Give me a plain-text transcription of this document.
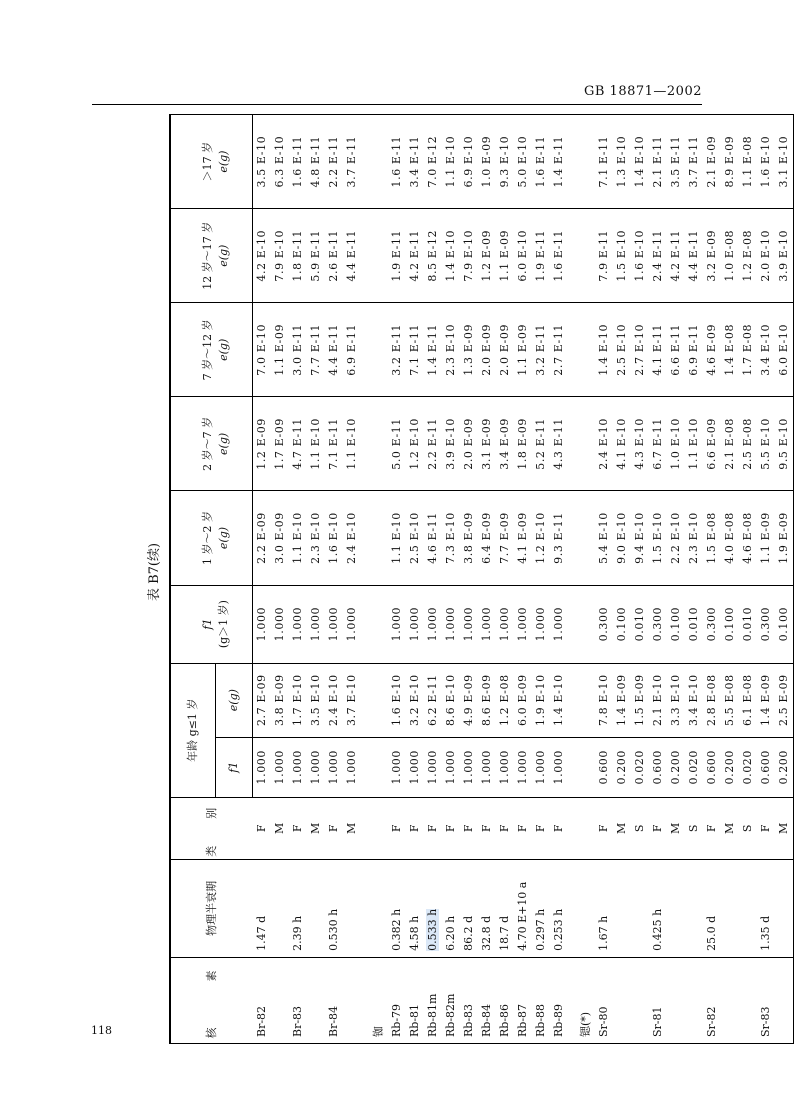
GB 18871—2002
118
表 B7(续)
核　　素	物理半衰期	类　别	年龄 g≤1 岁		f1	1 岁～2 岁	2 岁～7 岁	7 岁～12 岁	12 岁～17 岁	＞17 岁
			f1	e(g)	(g＞1 岁)	e(g)	e(g)	e(g)	e(g)	e(g)
Br-82	1.47 d	F	1.000	2.7 E-09	1.000	2.2 E-09	1.2 E-09	7.0 E-10	4.2 E-10	3.5 E-10
		M	1.000	3.8 E-09	1.000	3.0 E-09	1.7 E-09	1.1 E-09	7.9 E-10	6.3 E-10
Br-83	2.39 h	F	1.000	1.7 E-10	1.000	1.1 E-10	4.7 E-11	3.0 E-11	1.8 E-11	1.6 E-11
		M	1.000	3.5 E-10	1.000	2.3 E-10	1.1 E-10	7.7 E-11	5.9 E-11	4.8 E-11
Br-84	0.530 h	F	1.000	2.4 E-10	1.000	1.6 E-10	7.1 E-11	4.4 E-11	2.6 E-11	2.2 E-11
		M	1.000	3.7 E-10	1.000	2.4 E-10	1.1 E-10	6.9 E-11	4.4 E-11	3.7 E-11

铷										
Rb-79	0.382 h	F	1.000	1.6 E-10	1.000	1.1 E-10	5.0 E-11	3.2 E-11	1.9 E-11	1.6 E-11
Rb-81	4.58 h	F	1.000	3.2 E-10	1.000	2.5 E-10	1.2 E-10	7.1 E-11	4.2 E-11	3.4 E-11
Rb-81m	0.533 h	F	1.000	6.2 E-11	1.000	4.6 E-11	2.2 E-11	1.4 E-11	8.5 E-12	7.0 E-12
Rb-82m	6.20 h	F	1.000	8.6 E-10	1.000	7.3 E-10	3.9 E-10	2.3 E-10	1.4 E-10	1.1 E-10
Rb-83	86.2 d	F	1.000	4.9 E-09	1.000	3.8 E-09	2.0 E-09	1.3 E-09	7.9 E-10	6.9 E-10
Rb-84	32.8 d	F	1.000	8.6 E-09	1.000	6.4 E-09	3.1 E-09	2.0 E-09	1.2 E-09	1.0 E-09
Rb-86	18.7 d	F	1.000	1.2 E-08	1.000	7.7 E-09	3.4 E-09	2.0 E-09	1.1 E-09	9.3 E-10
Rb-87	4.70 E+10 a	F	1.000	6.0 E-09	1.000	4.1 E-09	1.8 E-09	1.1 E-09	6.0 E-10	5.0 E-10
Rb-88	0.297 h	F	1.000	1.9 E-10	1.000	1.2 E-10	5.2 E-11	3.2 E-11	1.9 E-11	1.6 E-11
Rb-89	0.253 h	F	1.000	1.4 E-10	1.000	9.3 E-11	4.3 E-11	2.7 E-11	1.6 E-11	1.4 E-11

锶(*)										
Sr-80	1.67 h	F	0.600	7.8 E-10	0.300	5.4 E-10	2.4 E-10	1.4 E-10	7.9 E-11	7.1 E-11
		M	0.200	1.4 E-09	0.100	9.0 E-10	4.1 E-10	2.5 E-10	1.5 E-10	1.3 E-10
		S	0.020	1.5 E-09	0.010	9.4 E-10	4.3 E-10	2.7 E-10	1.6 E-10	1.4 E-10
Sr-81	0.425 h	F	0.600	2.1 E-10	0.300	1.5 E-10	6.7 E-11	4.1 E-11	2.4 E-11	2.1 E-11
		M	0.200	3.3 E-10	0.100	2.2 E-10	1.0 E-10	6.6 E-11	4.2 E-11	3.5 E-11
		S	0.020	3.4 E-10	0.010	2.3 E-10	1.1 E-10	6.9 E-11	4.4 E-11	3.7 E-11
Sr-82	25.0 d	F	0.600	2.8 E-08	0.300	1.5 E-08	6.6 E-09	4.6 E-09	3.2 E-09	2.1 E-09
		M	0.200	5.5 E-08	0.100	4.0 E-08	2.1 E-08	1.4 E-08	1.0 E-08	8.9 E-09
		S	0.020	6.1 E-08	0.010	4.6 E-08	2.5 E-08	1.7 E-08	1.2 E-08	1.1 E-08
Sr-83	1.35 d	F	0.600	1.4 E-09	0.300	1.1 E-09	5.5 E-10	3.4 E-10	2.0 E-10	1.6 E-10
		M	0.200	2.5 E-09	0.100	1.9 E-09	9.5 E-10	6.0 E-10	3.9 E-10	3.1 E-10
